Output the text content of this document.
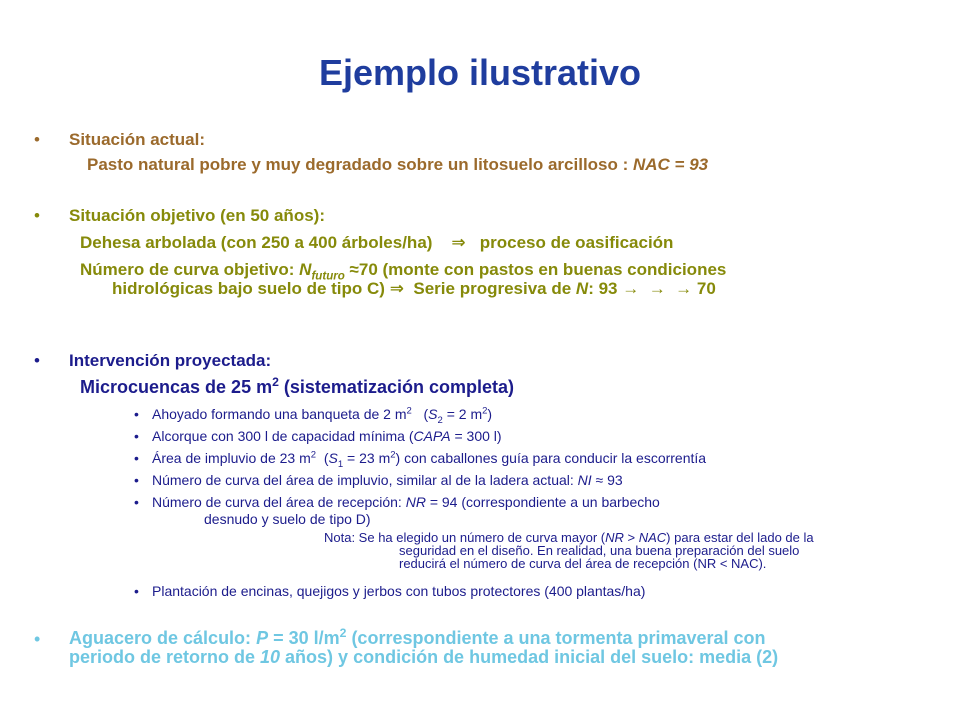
Ejemplo ilustrativo
• Situación actual:

Pasto natural pobre y muy degradado sobre un litosuelo arcilloso : NAC = 93

• Situación objetivo (en 50 años):

Dehesa arbolada (con 250 a 400 árboles/ha) ⇒ proceso de oasificación

Número de curva objetivo: $N_{futuro} \approx 70$ (monte con pastos en buenas condiciones
hidrológicas bajo suelo de tipo C) ⇒ Serie progresiva de N: 93 → → → 70

• Intervención proyectada:

Microcuencas de 25 $m^2$ (sistematización completa)

• Ahoyado formando una banqueta de 2 $m^2$   ($S_2 = 2$ $m^2$)

• Alcorque con 300 l de capacidad mínima (CAPA = 300 l)

• Área de impluvio de 23 $m^2$  ($S_1 = 23$ $m^2$) con caballones guía para conducir la escorrentía

• Número de curva del área de impluvio, similar al de la ladera actual: NI ≈ 93

• Número de curva del área de recepción: NR = 94 (correspondiente a un barbecho
desnudo y suelo de tipo D)

Nota: Se ha elegido un número de curva mayor (NR > NAC) para estar del lado de la
seguridad en el diseño. En realidad, una buena preparación del suelo
reducirá el número de curva del área de recepción (NR < NAC).

• Plantación de encinas, quejigos y jerbos con tubos protectores (400 plantas/ha)

• Aguacero de cálculo: P = 30 $l/m^2$ (correspondiente a una tormenta primaveral con
periodo de retorno de 10 años) y condición de humedad inicial del suelo: media (2)
